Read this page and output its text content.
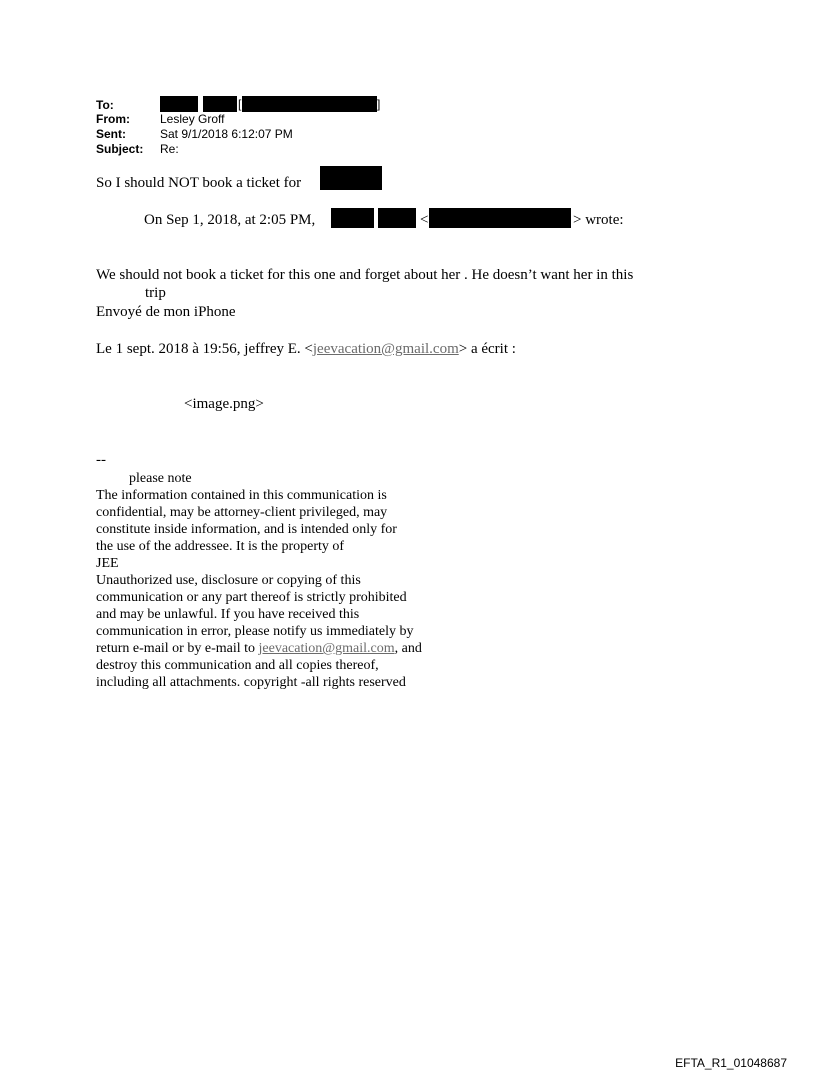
To:	[	]
From:	Lesley Groff
Sent:	Sat 9/1/2018 6:12:07 PM
Subject: Re:
So I should NOT book a ticket for
On Sep 1, 2018, at 2:05 PM,	<	> wrote:
We should not book a ticket for this one and forget about her . He doesn’t want her in this
trip
Envoyé de mon iPhone
Le 1 sept. 2018 à 19:56, jeffrey E. <jeevacation@gmail.com> a écrit :
<image.png>
--
please note
The information contained in this communication is
confidential, may be attorney-client privileged, may
constitute inside information, and is intended only for
the use of the addressee. It is the property of
JEE
Unauthorized use, disclosure or copying of this
communication or any part thereof is strictly prohibited
and may be unlawful. If you have received this
communication in error, please notify us immediately by
return e-mail or by e-mail to jeevacation@gmail.com, and
destroy this communication and all copies thereof,
including all attachments. copyright -all rights reserved
EFTA_R1_01048687
